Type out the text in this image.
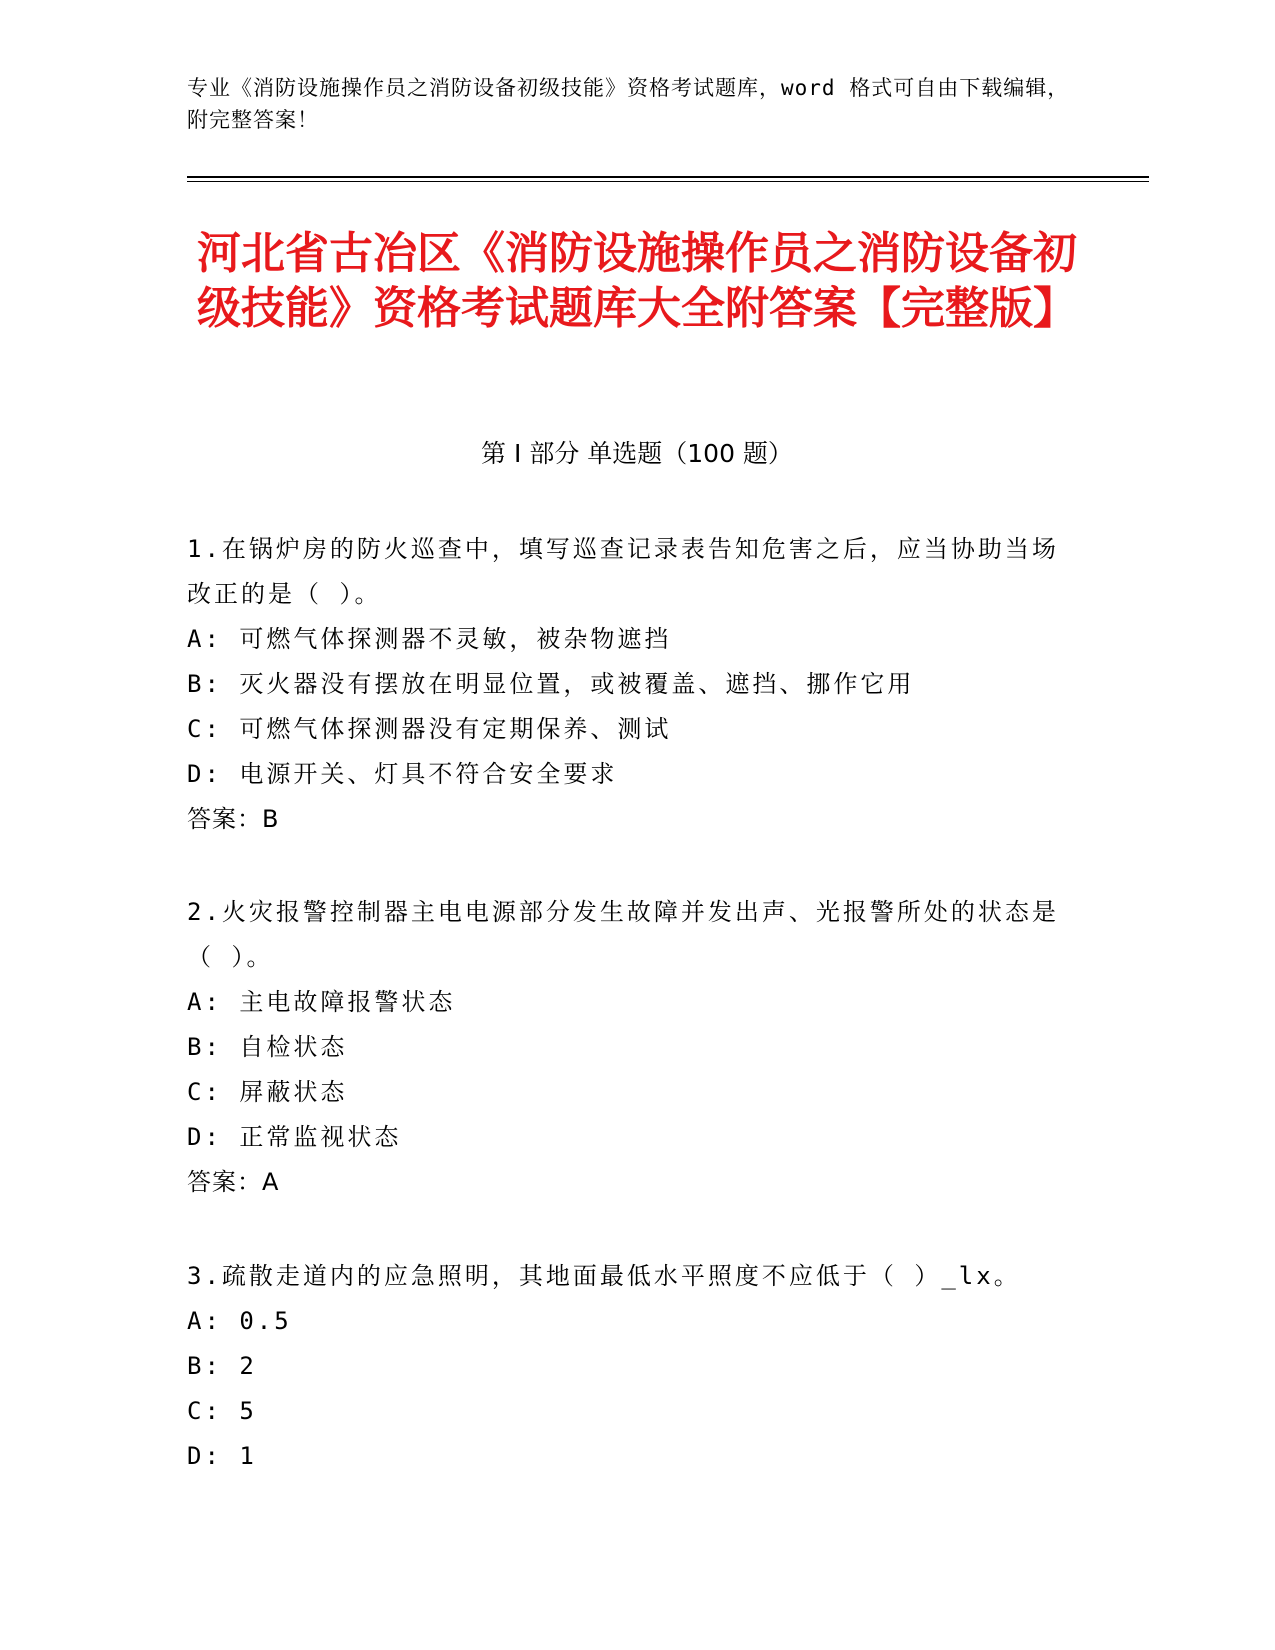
专业《消防设施操作员之消防设备初级技能》资格考试题库，word 格式可自由下载编辑，附完整答案！
河北省古冶区《消防设施操作员之消防设备初级技能》资格考试题库大全附答案【完整版】
第 I 部分 单选题（100 题）
1.在锅炉房的防火巡查中，填写巡查记录表告知危害之后，应当协助当场改正的是（ ）。
A: 可燃气体探测器不灵敏，被杂物遮挡
B: 灭火器没有摆放在明显位置，或被覆盖、遮挡、挪作它用
C: 可燃气体探测器没有定期保养、测试
D: 电源开关、灯具不符合安全要求
答案：B
2.火灾报警控制器主电电源部分发生故障并发出声、光报警所处的状态是（ ）。
A: 主电故障报警状态
B: 自检状态
C: 屏蔽状态
D: 正常监视状态
答案：A
3.疏散走道内的应急照明，其地面最低水平照度不应低于（ ）_lx。
A: 0.5
B: 2
C: 5
D: 1
